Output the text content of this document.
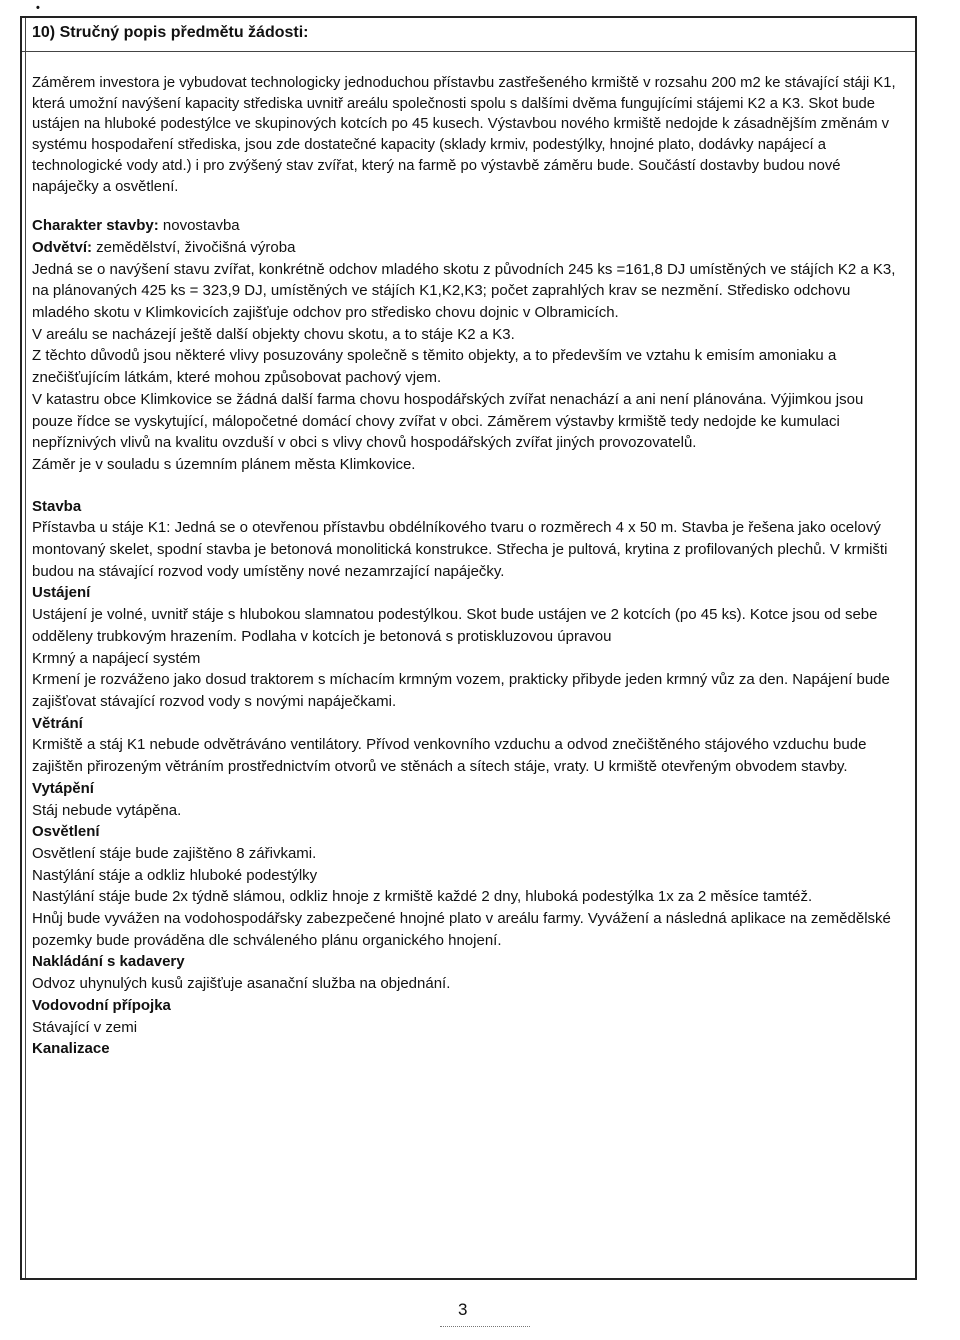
•
10) Stručný popis předmětu žádosti:

Záměrem investora je vybudovat technologicky jednoduchou přístavbu zastřešeného krmiště v rozsahu 200 m2 ke stávající stáji K1, která umožní navýšení kapacity střediska uvnitř areálu společnosti spolu s dalšími dvěma fungujícími stájemi K2 a K3. Skot bude ustájen na hluboké podestýlce ve skupinových kotcích po 45 kusech. Výstavbou nového krmiště nedojde k zásadnějším změnám v systému hospodaření střediska, jsou zde dostatečné kapacity (sklady krmiv, podestýlky, hnojné plato, dodávky napájecí a technologické vody atd.) i pro zvýšený stav zvířat, který na farmě po výstavbě záměru bude. Součástí dostavby budou nové napáječky a osvětlení.

Charakter stavby: novostavba

Odvětví: zemědělství, živočišná výroba

Jedná se o navýšení stavu zvířat, konkrétně odchov mladého skotu z původních 245 ks =161,8 DJ umístěných ve stájích K2 a K3, na plánovaných 425 ks = 323,9 DJ, umístěných ve stájích K1,K2,K3; počet zaprahlých krav se nezmění. Středisko odchovu mladého skotu v Klimkovicích zajišťuje odchov pro středisko chovu dojnic v Olbramicích.

V areálu se nacházejí ještě další objekty chovu skotu, a to stáje K2 a K3.

Z těchto důvodů jsou některé vlivy posuzovány společně s těmito objekty, a to především ve vztahu k emisím amoniaku a znečišťujícím látkám, které mohou způsobovat pachový vjem.

V katastru obce Klimkovice se žádná další farma chovu hospodářských zvířat nenachází a ani není plánována. Výjimkou jsou pouze řídce se vyskytující, málopočetné domácí chovy zvířat v obci. Záměrem výstavby krmiště tedy nedojde ke kumulaci nepříznivých vlivů na kvalitu ovzduší v obci s vlivy chovů hospodářských zvířat jiných provozovatelů.

Záměr je v souladu s územním plánem města Klimkovice.

Stavba

Přístavba u stáje K1: Jedná se o otevřenou přístavbu obdélníkového tvaru o rozměrech 4 x 50 m. Stavba je řešena jako ocelový montovaný skelet, spodní stavba je betonová monolitická konstrukce. Střecha je pultová, krytina z profilovaných plechů. V krmišti budou na stávající rozvod vody umístěny nové nezamrzající napáječky.

Ustájení

Ustájení je volné, uvnitř stáje s hlubokou slamnatou podestýlkou. Skot bude ustájen ve 2 kotcích (po 45 ks). Kotce jsou od sebe odděleny trubkovým hrazením. Podlaha v kotcích je betonová s protiskluzovou úpravou

Krmný a napájecí systém

Krmení je rozváženo jako dosud traktorem s míchacím krmným vozem, prakticky přibyde jeden krmný vůz za den. Napájení bude zajišťovat stávající rozvod vody s novými napáječkami.

Větrání

Krmiště a stáj K1 nebude odvětráváno ventilátory. Přívod venkovního vzduchu a odvod znečištěného stájového vzduchu bude zajištěn přirozeným větráním prostřednictvím otvorů ve stěnách a sítech stáje, vraty. U krmiště otevřeným obvodem stavby.

Vytápění

Stáj nebude vytápěna.

Osvětlení

Osvětlení stáje bude zajištěno 8 zářivkami.

Nastýlání stáje a odkliz hluboké podestýlky

Nastýlání stáje bude 2x týdně slámou, odkliz hnoje z krmiště každé 2 dny, hluboká podestýlka 1x za 2 měsíce tamtéž.

Hnůj bude vyvážen na vodohospodářsky zabezpečené hnojné plato v areálu farmy. Vyvážení a následná aplikace na zemědělské pozemky bude prováděna dle schváleného plánu organického hnojení.

Nakládání s kadavery

Odvoz uhynulých kusů zajišťuje asanační služba na objednání.

Vodovodní přípojka

Stávající v zemi

Kanalizace

3
